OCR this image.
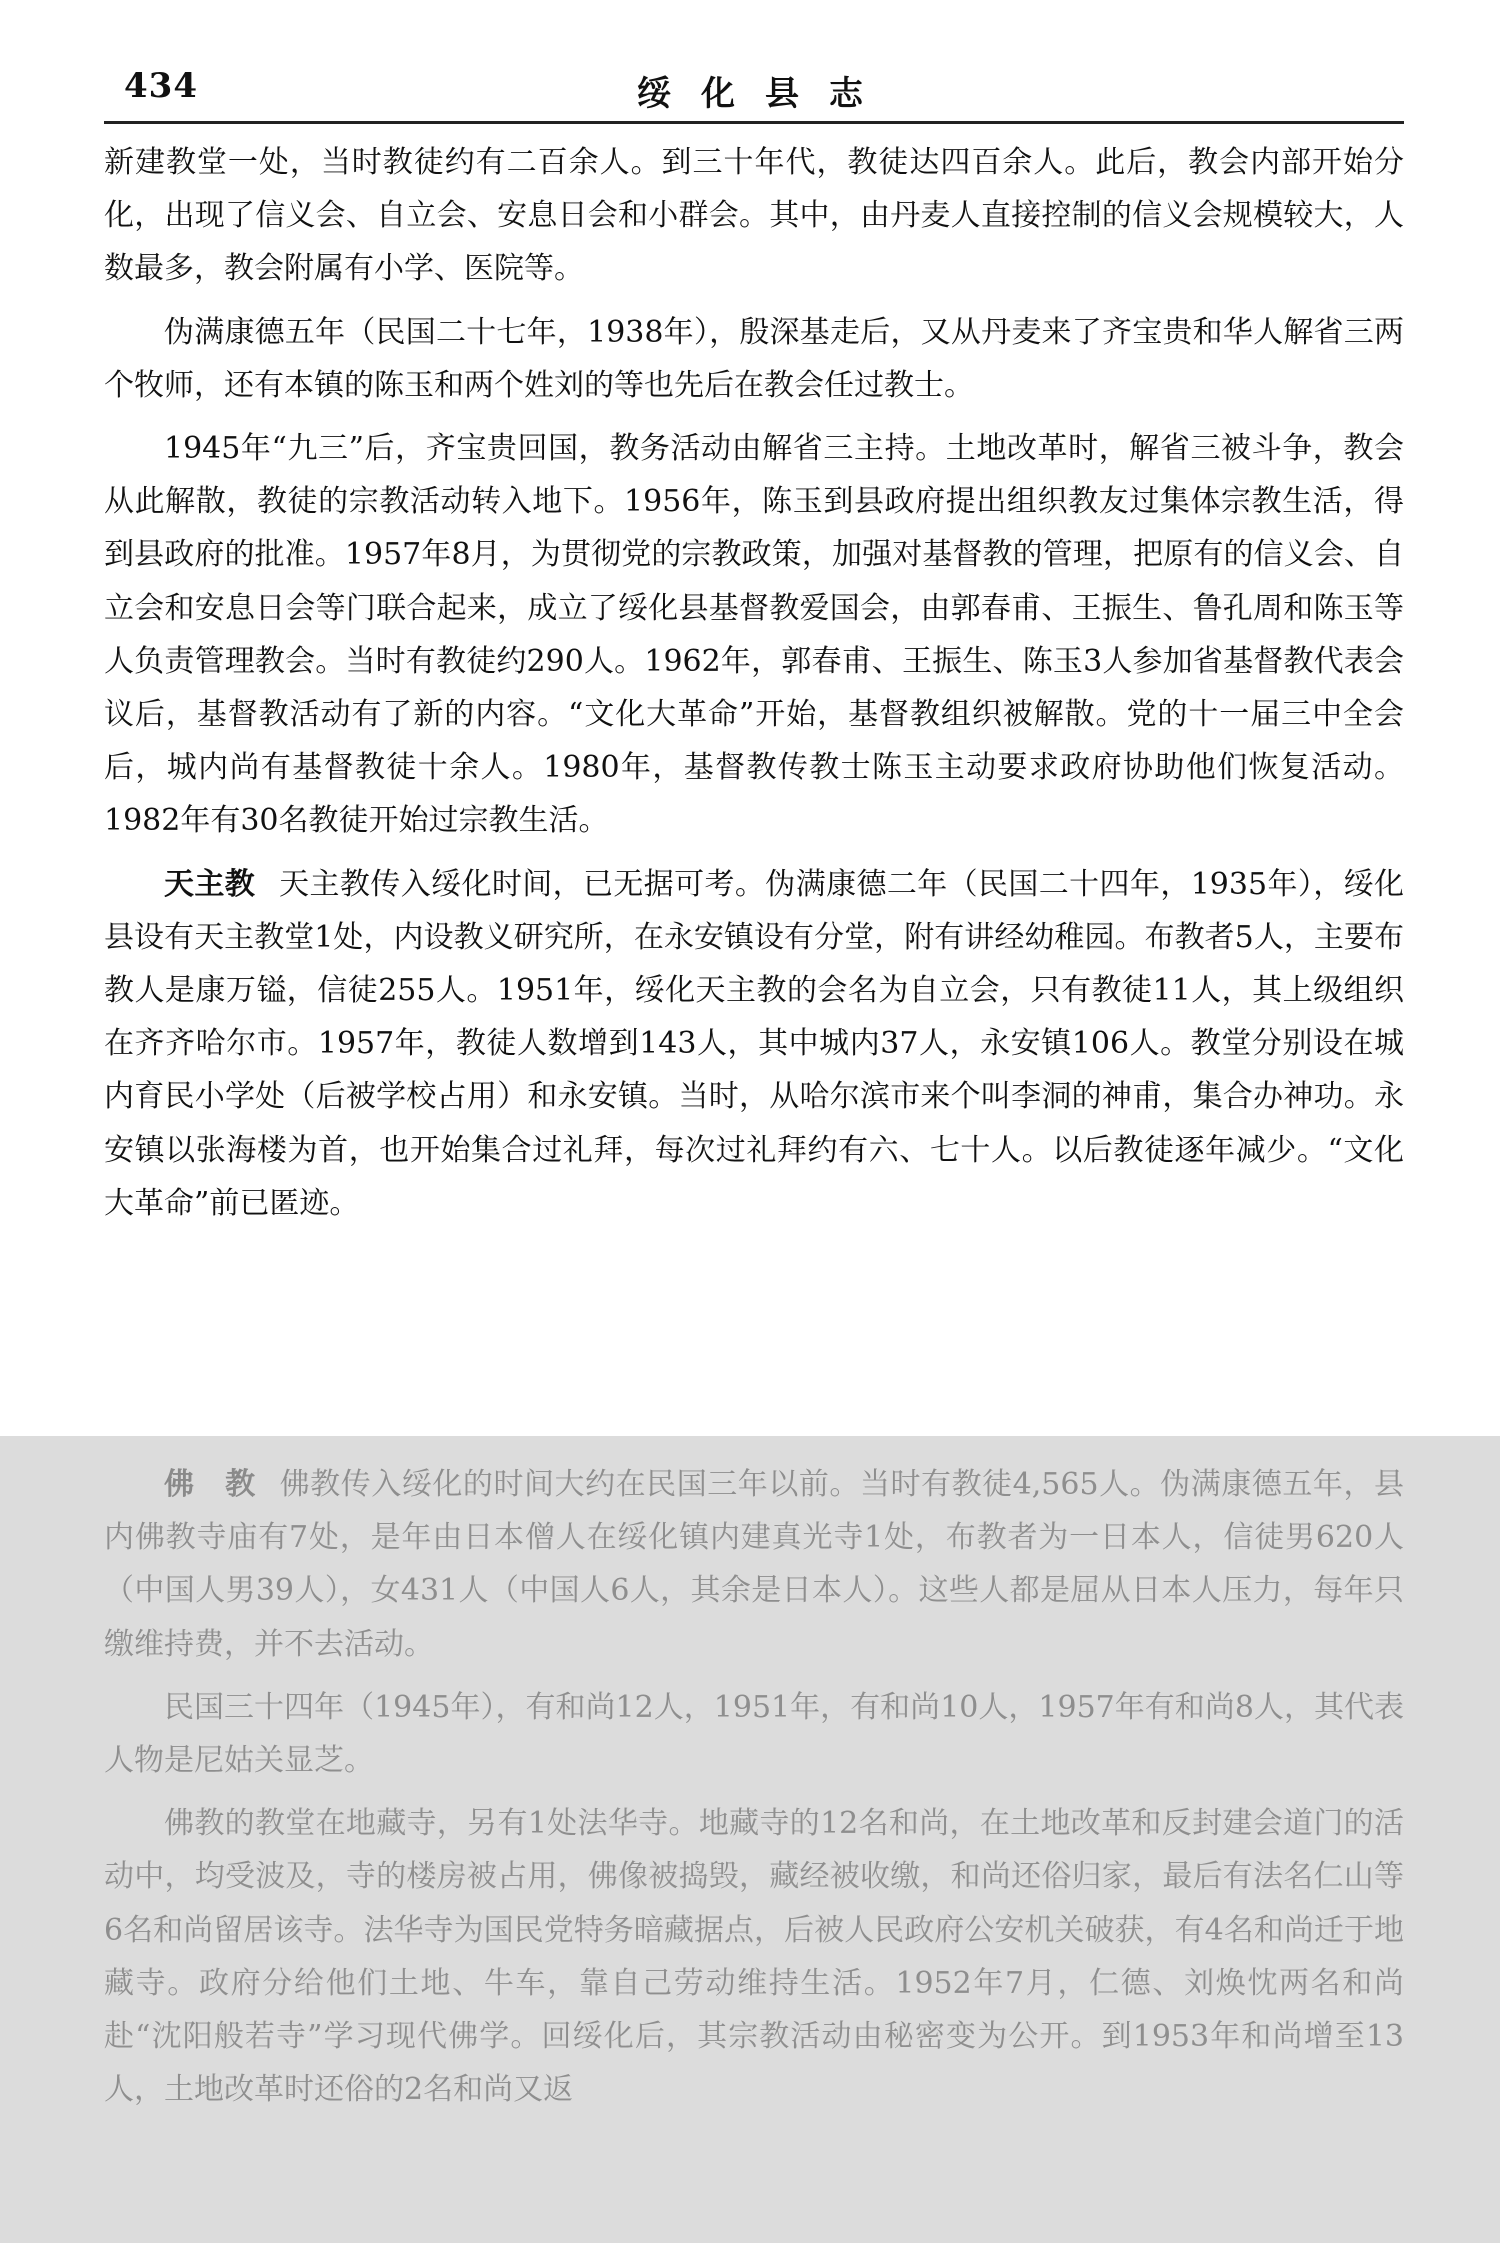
434	绥化县志

新建教堂一处，当时教徒约有二百余人。到三十年代，教徒达四百余人。此后，教会内部开始分化，出现了信义会、自立会、安息日会和小群会。其中，由丹麦人直接控制的信义会规模较大，人数最多，教会附属有小学、医院等。

伪满康德五年（民国二十七年，1938年），殷深基走后，又从丹麦来了齐宝贵和华人解省三两个牧师，还有本镇的陈玉和两个姓刘的等也先后在教会任过教士。

1945年“九三”后，齐宝贵回国，教务活动由解省三主持。土地改革时，解省三被斗争，教会从此解散，教徒的宗教活动转入地下。1956年，陈玉到县政府提出组织教友过集体宗教生活，得到县政府的批准。1957年8月，为贯彻党的宗教政策，加强对基督教的管理，把原有的信义会、自立会和安息日会等门联合起来，成立了绥化县基督教爱国会，由郭春甫、王振生、鲁孔周和陈玉等人负责管理教会。当时有教徒约290人。1962年，郭春甫、王振生、陈玉3人参加省基督教代表会议后，基督教活动有了新的内容。“文化大革命”开始，基督教组织被解散。党的十一届三中全会后，城内尚有基督教徒十余人。1980年，基督教传教士陈玉主动要求政府协助他们恢复活动。1982年有30名教徒开始过宗教生活。

天主教 天主教传入绥化时间，已无据可考。伪满康德二年（民国二十四年，1935年），绥化县设有天主教堂1处，内设教义研究所，在永安镇设有分堂，附有讲经幼稚园。布教者5人，主要布教人是康万镒，信徒255人。1951年，绥化天主教的会名为自立会，只有教徒11人，其上级组织在齐齐哈尔市。1957年，教徒人数增到143人，其中城内37人，永安镇106人。教堂分别设在城内育民小学处（后被学校占用）和永安镇。当时，从哈尔滨市来个叫李洞的神甫，集合办神功。永安镇以张海楼为首，也开始集合过礼拜，每次过礼拜约有六、七十人。以后教徒逐年减少。“文化大革命”前已匿迹。

佛　教 佛教传入绥化的时间大约在民国三年以前。当时有教徒4,565人。伪满康德五年，县内佛教寺庙有7处，是年由日本僧人在绥化镇内建真光寺1处，布教者为一日本人，信徒男620人（中国人男39人），女431人（中国人6人，其余是日本人）。这些人都是屈从日本人压力，每年只缴维持费，并不去活动。

民国三十四年（1945年），有和尚12人，1951年，有和尚10人，1957年有和尚8人，其代表人物是尼姑关显芝。

佛教的教堂在地藏寺，另有1处法华寺。地藏寺的12名和尚，在土地改革和反封建会道门的活动中，均受波及，寺的楼房被占用，佛像被捣毁，藏经被收缴，和尚还俗归家，最后有法名仁山等6名和尚留居该寺。法华寺为国民党特务暗藏据点，后被人民政府公安机关破获，有4名和尚迁于地藏寺。政府分给他们土地、牛车，靠自己劳动维持生活。1952年7月，仁德、刘焕忱两名和尚赴“沈阳般若寺”学习现代佛学。回绥化后，其宗教活动由秘密变为公开。到1953年和尚增至13人，土地改革时还俗的2名和尚又返
